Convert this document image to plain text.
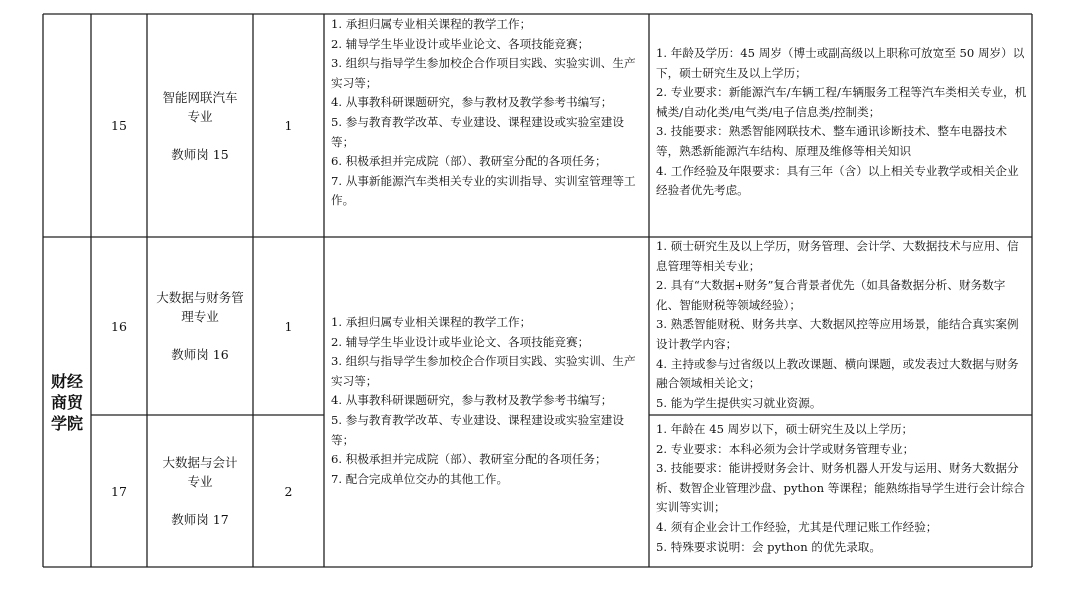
财经商贸学院
15
智能网联汽车
专业
教师岗 15
1
1. 承担归属专业相关课程的教学工作；
2. 辅导学生毕业设计或毕业论文、各项技能竞赛；
3. 组织与指导学生参加校企合作项目实践、实验实训、生产实习等；
4. 从事教科研课题研究，参与教材及教学参考书编写；
5. 参与教育教学改革、专业建设、课程建设或实验室建设等；
6. 积极承担并完成院（部）、教研室分配的各项任务；
7. 从事新能源汽车类相关专业的实训指导、实训室管理等工作。
1. 年龄及学历：45 周岁（博士或副高级以上职称可放宽至 50 周岁）以下，硕士研究生及以上学历；
2. 专业要求：新能源汽车/车辆工程/车辆服务工程等汽车类相关专业，机械类/自动化类/电气类/电子信息类/控制类；
3. 技能要求：熟悉智能网联技术、整车通讯诊断技术、整车电器技术等，熟悉新能源汽车结构、原理及维修等相关知识
4. 工作经验及年限要求：具有三年（含）以上相关专业教学或相关企业经验者优先考虑。
16
大数据与财务管
理专业
教师岗 16
1
1. 硕士研究生及以上学历，财务管理、会计学、大数据技术与应用、信息管理等相关专业；
2. 具有“大数据+财务”复合背景者优先（如具备数据分析、财务数字化、智能财税等领域经验）；
3. 熟悉智能财税、财务共享、大数据风控等应用场景，能结合真实案例设计教学内容；
4. 主持或参与过省级以上教改课题、横向课题，或发表过大数据与财务融合领域相关论文；
5. 能为学生提供实习就业资源。
1. 承担归属专业相关课程的教学工作；
2. 辅导学生毕业设计或毕业论文、各项技能竞赛；
3. 组织与指导学生参加校企合作项目实践、实验实训、生产实习等；
4. 从事教科研课题研究，参与教材及教学参考书编写；
5. 参与教育教学改革、专业建设、课程建设或实验室建设等；
6. 积极承担并完成院（部）、教研室分配的各项任务；
7. 配合完成单位交办的其他工作。
17
大数据与会计
专业
教师岗 17
2
1. 年龄在 45 周岁以下，硕士研究生及以上学历；
2. 专业要求：本科必须为会计学或财务管理专业；
3. 技能要求：能讲授财务会计、财务机器人开发与运用、财务大数据分析、数智企业管理沙盘、python 等课程；能熟练指导学生进行会计综合实训等实训；
4. 须有企业会计工作经验，尤其是代理记账工作经验；
5. 特殊要求说明：会 python 的优先录取。
